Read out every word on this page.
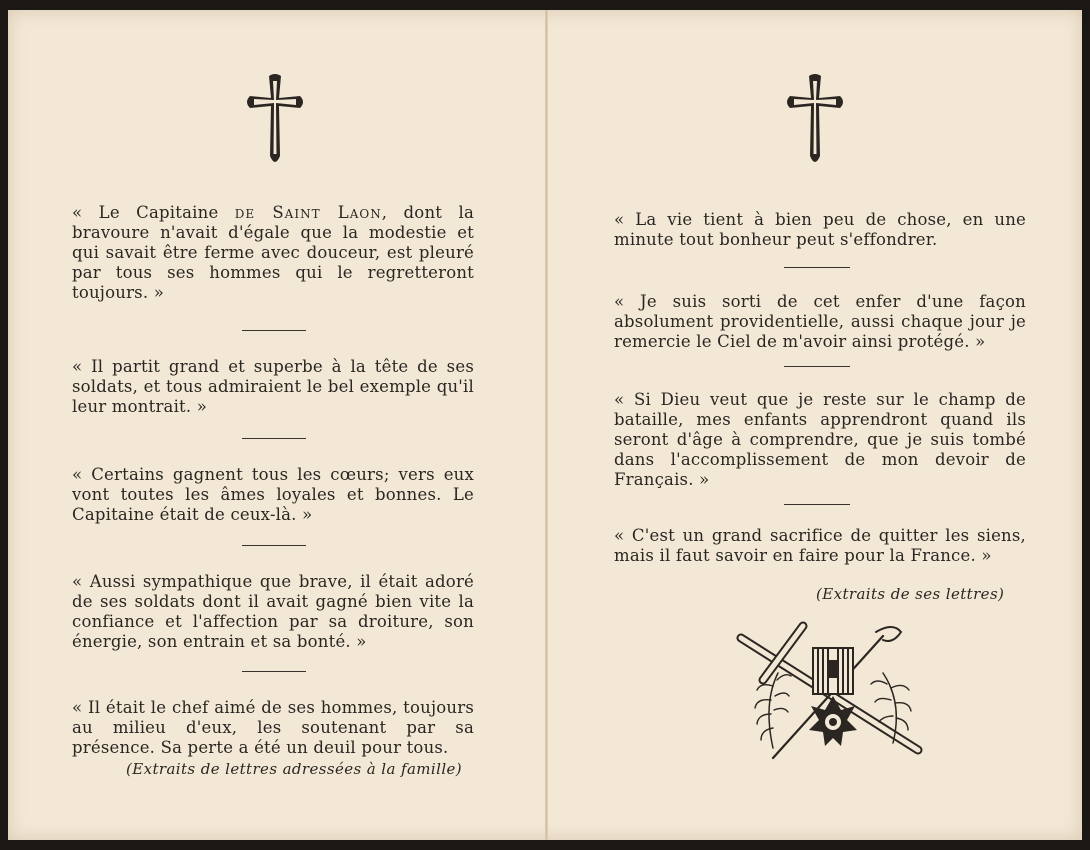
« Le Capitaine de Saint Laon, dont la bravoure n'avait d'égale que la modestie et qui savait être ferme avec douceur, est pleuré par tous ses hommes qui le regretteront toujours. »

« Il partit grand et superbe à la tête de ses soldats, et tous admiraient le bel exemple qu'il leur montrait. »

« Certains gagnent tous les cœurs; vers eux vont toutes les âmes loyales et bonnes. Le Capitaine était de ceux-là. »

« Aussi sympathique que brave, il était adoré de ses soldats dont il avait gagné bien vite la confiance et l'affection par sa droiture, son énergie, son entrain et sa bonté. »

« Il était le chef aimé de ses hommes, toujours au milieu d'eux, les soutenant par sa présence. Sa perte a été un deuil pour tous.

(Extraits de lettres adressées à la famille)

« La vie tient à bien peu de chose, en une minute tout bonheur peut s'effondrer.

« Je suis sorti de cet enfer d'une façon absolument providentielle, aussi chaque jour je remercie le Ciel de m'avoir ainsi protégé. »

« Si Dieu veut que je reste sur le champ de bataille, mes enfants apprendront quand ils seront d'âge à comprendre, que je suis tombé dans l'accomplissement de mon devoir de Français. »

« C'est un grand sacrifice de quitter les siens, mais il faut savoir en faire pour la France. »

(Extraits de ses lettres)
